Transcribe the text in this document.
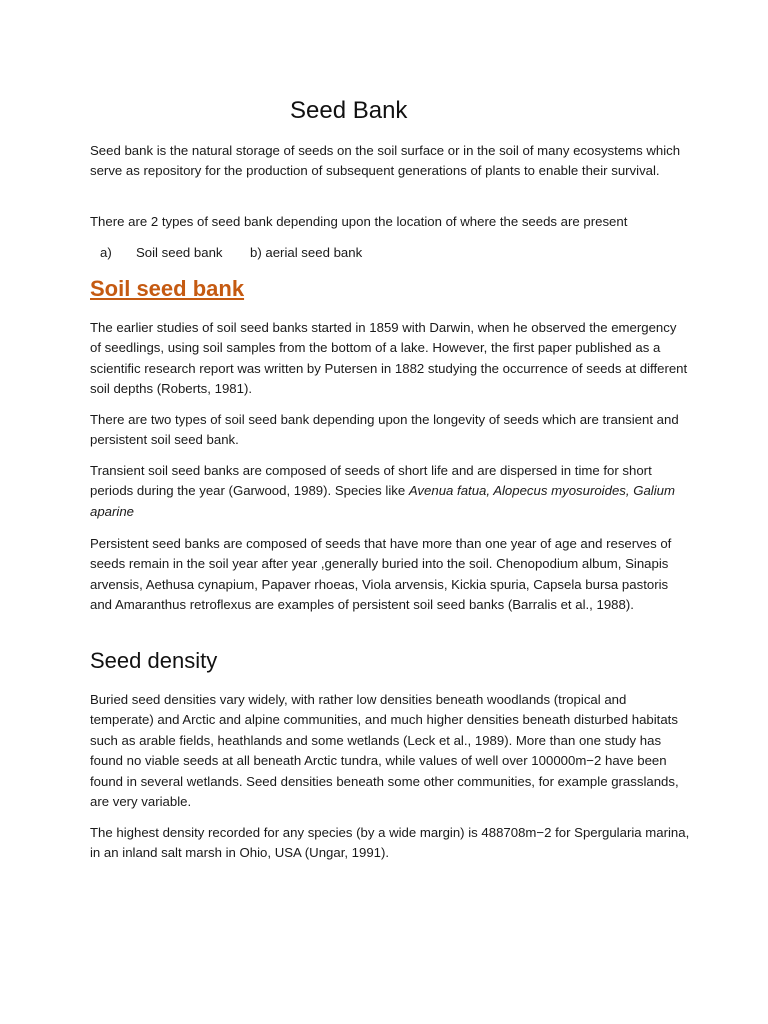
Seed Bank

Seed bank is the natural storage of seeds on the soil surface or in the soil of many ecosystems which serve as repository for the production of subsequent generations of plants to enable their survival.

There are 2 types of seed bank depending upon the location of where the seeds are present

a)	Soil seed bank	b) aerial seed bank
Soil seed bank

The earlier studies of soil seed banks started in 1859 with Darwin, when he observed the emergency of seedlings, using soil samples from the bottom of a lake. However, the first paper published as a scientific research report was written by Putersen in 1882 studying the occurrence of seeds at different soil depths (Roberts, 1981).

There are two types of soil seed bank depending upon the longevity of seeds which are transient and persistent soil seed bank.

Transient soil seed banks are composed of seeds of short life and are dispersed in time for short periods during the year (Garwood, 1989). Species like Avenua fatua, Alopecus myosuroides, Galium aparine

Persistent seed banks are composed of seeds that have more than one year of age and reserves of seeds remain in the soil year after year ,generally buried into the soil. Chenopodium album, Sinapis arvensis, Aethusa cynapium, Papaver rhoeas, Viola arvensis, Kickia spuria, Capsela bursa pastoris and Amaranthus retroflexus are examples of persistent soil seed banks (Barralis et al., 1988).

Seed density

Buried seed densities vary widely, with rather low densities beneath woodlands (tropical and temperate) and Arctic and alpine communities, and much higher densities beneath disturbed habitats such as arable fields, heathlands and some wetlands (Leck et al., 1989). More than one study has found no viable seeds at all beneath Arctic tundra, while values of well over 100000m−2 have been found in several wetlands. Seed densities beneath some other communities, for example grasslands, are very variable.

The highest density recorded for any species (by a wide margin) is 488708m−2 for Spergularia marina, in an inland salt marsh in Ohio, USA (Ungar, 1991).
